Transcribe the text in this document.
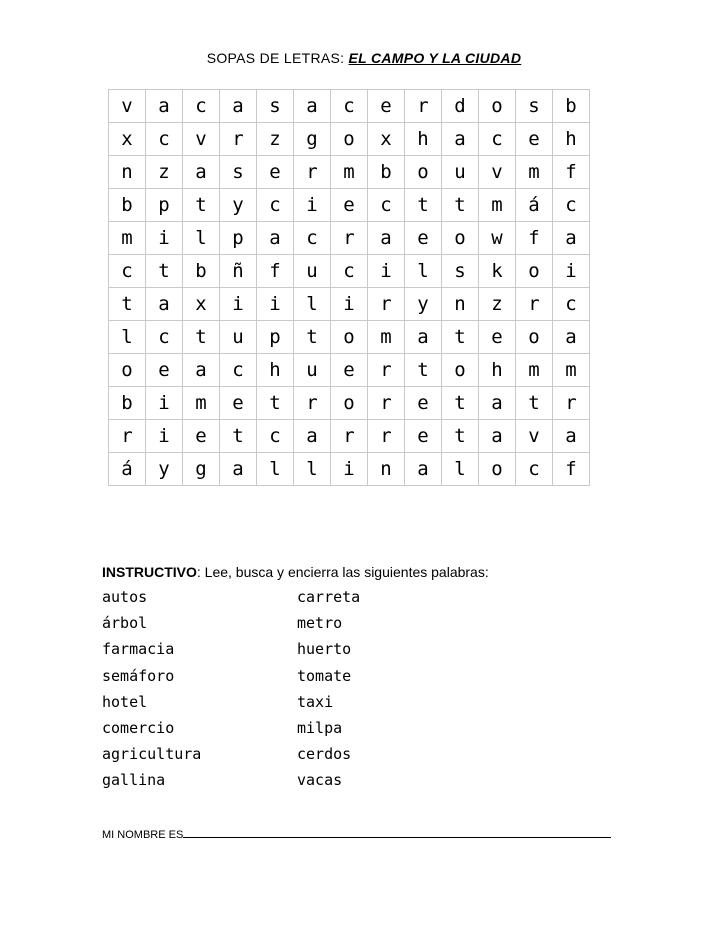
SOPAS DE LETRAS: EL CAMPO Y LA CIUDAD
v	a	c	a	s	a	c	e	r	d	o	s	b
x	c	v	r	z	g	o	x	h	a	c	e	h
n	z	a	s	e	r	m	b	o	u	v	m	f
b	p	t	y	c	i	e	c	t	t	m	á	c
m	i	l	p	a	c	r	a	e	o	w	f	a
c	t	b	ñ	f	u	c	i	l	s	k	o	i
t	a	x	i	i	l	i	r	y	n	z	r	c
l	c	t	u	p	t	o	m	a	t	e	o	a
o	e	a	c	h	u	e	r	t	o	h	m	m
b	i	m	e	t	r	o	r	e	t	a	t	r
r	i	e	t	c	a	r	r	e	t	a	v	a
á	y	g	a	l	l	i	n	a	l	o	c	f
INSTRUCTIVO: Lee, busca y encierra las siguientes palabras:
autos	carreta
árbol	metro
farmacia	huerto
semáforo	tomate
hotel	taxi
comercio	milpa
agricultura	cerdos
gallina	vacas
MI NOMBRE ES
